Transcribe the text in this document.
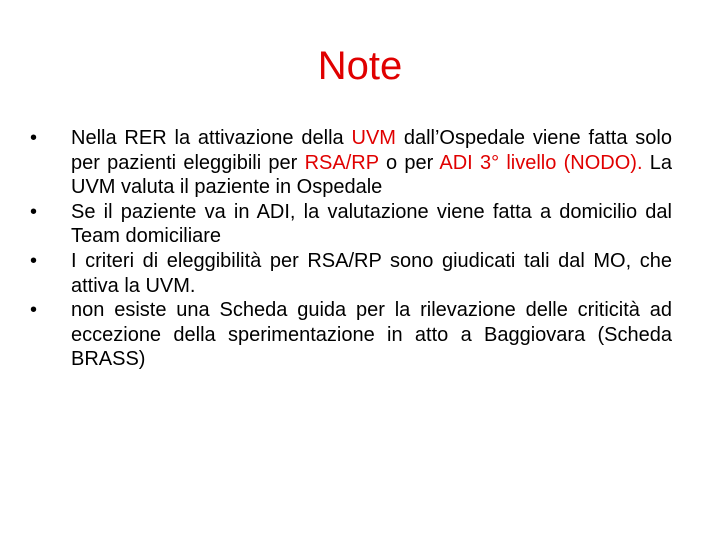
Note
• Nella RER la attivazione della UVM dall’Ospedale viene fatta solo per pazienti eleggibili per RSA/RP o per ADI 3° livello (NODO). La UVM valuta il paziente in Ospedale
• Se il paziente va in ADI, la valutazione viene fatta a domicilio dal Team domiciliare
• I criteri di eleggibilità per RSA/RP sono giudicati tali dal MO, che attiva la UVM.
• non esiste una Scheda guida per la rilevazione delle criticità ad eccezione della sperimentazione in atto a Baggiovara (Scheda BRASS)
